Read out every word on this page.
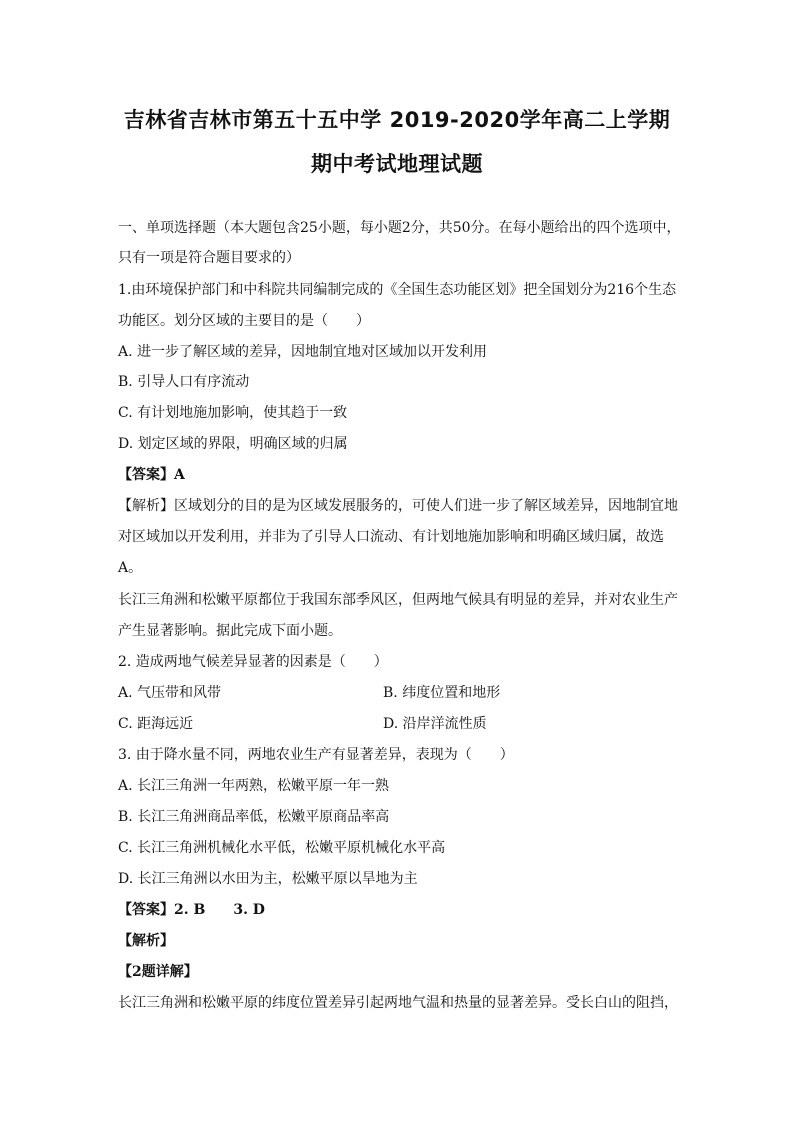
吉林省吉林市第五十五中学 2019-2020学年高二上学期
期中考试地理试题
一、单项选择题（本大题包含25小题，每小题2分，共50分。在每小题给出的四个选项中，
只有一项是符合题目要求的）
1.由环境保护部门和中科院共同编制完成的《全国生态功能区划》把全国划分为216个生态
功能区。划分区域的主要目的是（　　）
A. 进一步了解区域的差异，因地制宜地对区域加以开发利用
B. 引导人口有序流动
C. 有计划地施加影响，使其趋于一致
D. 划定区域的界限，明确区域的归属
【答案】A
【解析】区域划分的目的是为区域发展服务的，可使人们进一步了解区域差异，因地制宜地
对区域加以开发利用，并非为了引导人口流动、有计划地施加影响和明确区域归属，故选
A。
长江三角洲和松嫩平原都位于我国东部季风区，但两地气候具有明显的差异，并对农业生产
产生显著影响。据此完成下面小题。
2. 造成两地气候差异显著的因素是（　　）
A. 气压带和风带	B. 纬度位置和地形
C. 距海远近	D. 沿岸洋流性质
3. 由于降水量不同，两地农业生产有显著差异，表现为（　　）
A. 长江三角洲一年两熟，松嫩平原一年一熟
B. 长江三角洲商品率低，松嫩平原商品率高
C. 长江三角洲机械化水平低，松嫩平原机械化水平高
D. 长江三角洲以水田为主，松嫩平原以旱地为主
【答案】2. B　　3. D
【解析】
【2题详解】
长江三角洲和松嫩平原的纬度位置差异引起两地气温和热量的显著差异。受长白山的阻挡，
